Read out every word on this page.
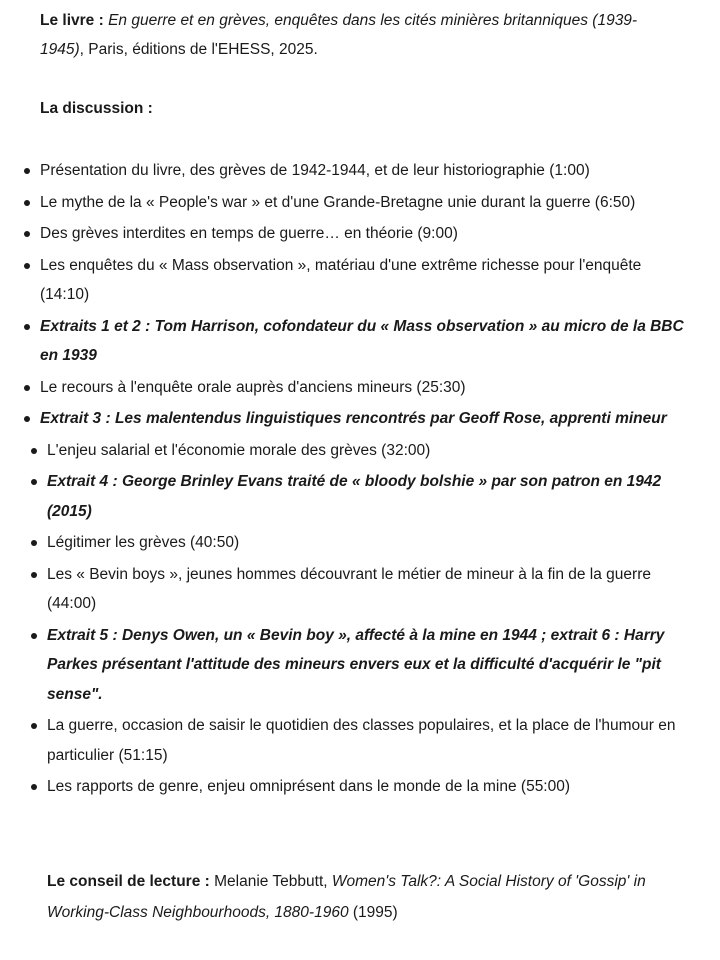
Le livre : En guerre et en grèves, enquêtes dans les cités minières britanniques (1939-1945), Paris, éditions de l'EHESS, 2025.

La discussion :
Présentation du livre, des grèves de 1942-1944, et de leur historiographie (1:00)
Le mythe de la « People's war » et d'une Grande-Bretagne unie durant la guerre (6:50)
Des grèves interdites en temps de guerre… en théorie (9:00)
Les enquêtes du « Mass observation », matériau d'une extrême richesse pour l'enquête (14:10)
Extraits 1 et 2 : Tom Harrison, cofondateur du « Mass observation » au micro de la BBC en 1939
Le recours à l'enquête orale auprès d'anciens mineurs (25:30)
Extrait 3 : Les malentendus linguistiques rencontrés par Geoff Rose, apprenti mineur
L'enjeu salarial et l'économie morale des grèves (32:00)
Extrait 4 : George Brinley Evans traité de « bloody bolshie » par son patron en 1942 (2015)
Légitimer les grèves (40:50)
Les « Bevin boys », jeunes hommes découvrant le métier de mineur à la fin de la guerre (44:00)
Extrait 5 : Denys Owen, un « Bevin boy », affecté à la mine en 1944 ; extrait 6 : Harry Parkes présentant l'attitude des mineurs envers eux et la difficulté d'acquérir le "pit sense".
La guerre, occasion de saisir le quotidien des classes populaires, et la place de l'humour en particulier (51:15)
Les rapports de genre, enjeu omniprésent dans le monde de la mine (55:00)

Le conseil de lecture : Melanie Tebbutt, Women's Talk?: A Social History of 'Gossip' in Working-Class Neighbourhoods, 1880-1960 (1995)
